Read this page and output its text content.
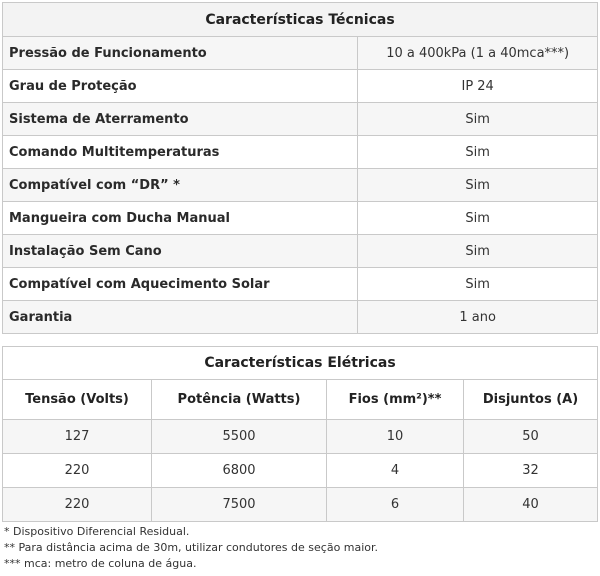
Características Técnicas	
Pressão de Funcionamento	10 a 400kPa (1 a 40mca***)
Grau de Proteção	IP 24
Sistema de Aterramento	Sim
Comando Multitemperaturas	Sim
Compatível com “DR” *	Sim
Mangueira com Ducha Manual	Sim
Instalação Sem Cano	Sim
Compatível com Aquecimento Solar	Sim
Garantia	1 ano
Características Elétricas			
Tensão (Volts)	Potência (Watts)	Fios (mm²)**	Disjuntos (A)
127	5500	10	50
220	6800	4	32
220	7500	6	40
* Dispositivo Diferencial Residual.
** Para distância acima de 30m, utilizar condutores de seção maior.
*** mca: metro de coluna de água.
